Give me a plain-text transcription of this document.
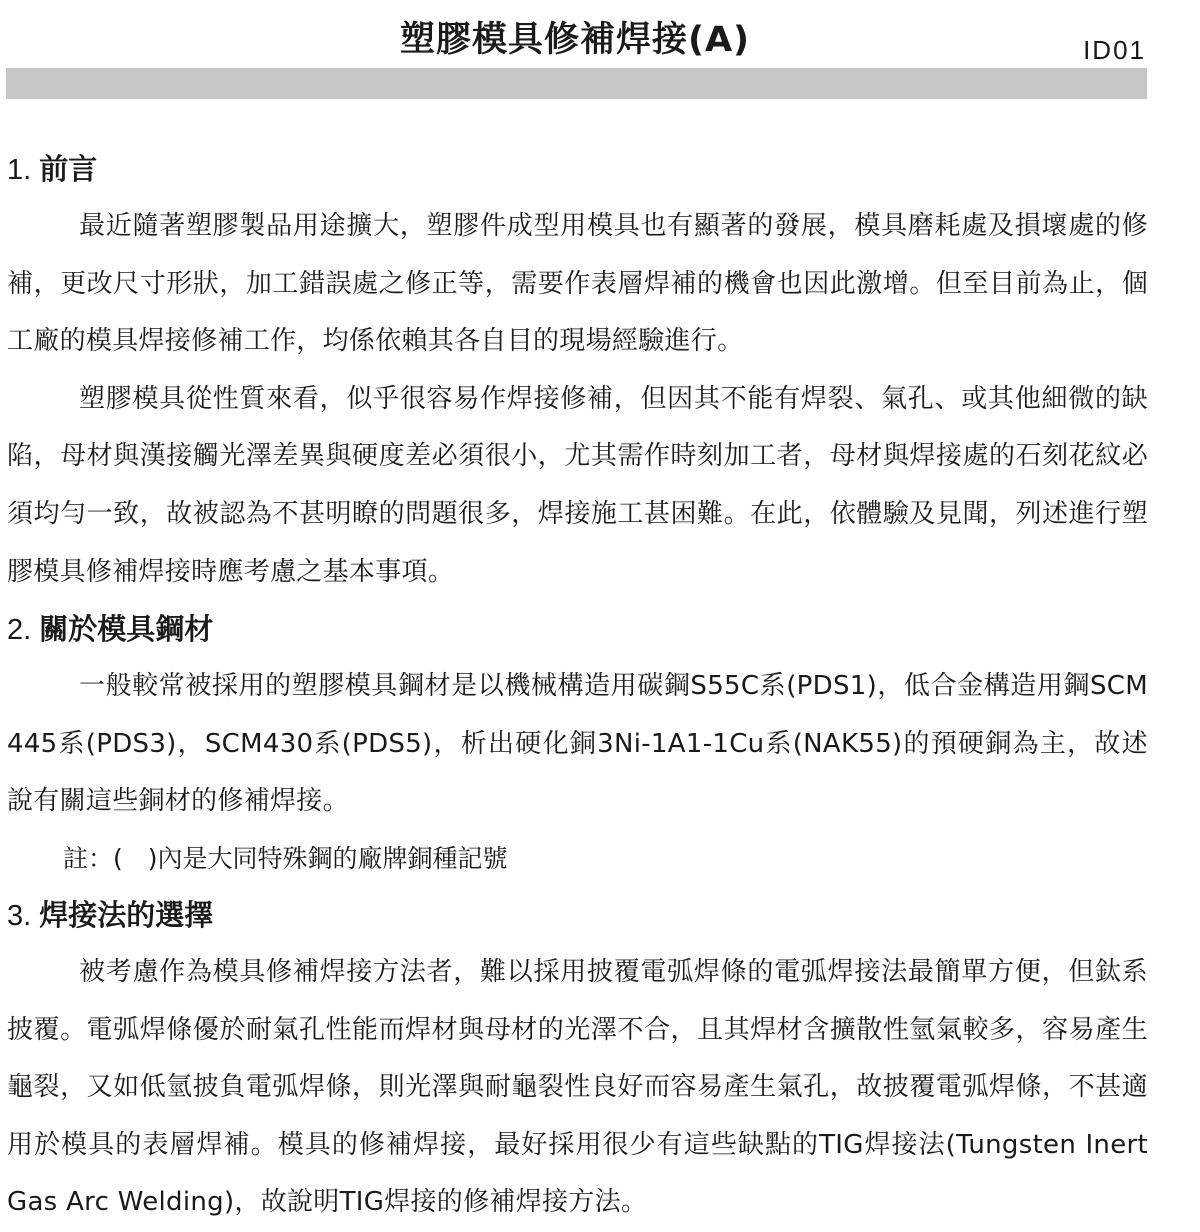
塑膠模具修補焊接(A)	ID01
1. 前言

最近隨著塑膠製品用途擴大，塑膠件成型用模具也有顯著的發展，模具磨耗處及損壞處的修補，更改尺寸形狀，加工錯誤處之修正等，需要作表層焊補的機會也因此激增。但至目前為止，個工廠的模具焊接修補工作，均係依賴其各自目的現場經驗進行。

塑膠模具從性質來看，似乎很容易作焊接修補，但因其不能有焊裂、氣孔、或其他細微的缺陷，母材與漢接觸光澤差異與硬度差必須很小，尤其需作時刻加工者，母材與焊接處的石刻花紋必須均勻一致，故被認為不甚明瞭的問題很多，焊接施工甚困難。在此，依體驗及見聞，列述進行塑膠模具修補焊接時應考慮之基本事項。

2. 關於模具鋼材

一般較常被採用的塑膠模具鋼材是以機械構造用碳鋼S55C系(PDS1)，低合金構造用鋼SCM445系(PDS3)，SCM430系(PDS5)，析出硬化銅3Ni-1A1-1Cu系(NAK55)的預硬銅為主，故述說有關這些銅材的修補焊接。

註：(　)內是大同特殊鋼的廠牌銅種記號

3. 焊接法的選擇

被考慮作為模具修補焊接方法者，難以採用披覆電弧焊條的電弧焊接法最簡單方便，但鈦系披覆。電弧焊條優於耐氣孔性能而焊材與母材的光澤不合，且其焊材含擴散性氫氣較多，容易產生龜裂，又如低氫披負電弧焊條，則光澤與耐龜裂性良好而容易產生氣孔，故披覆電弧焊條，不甚適用於模具的表層焊補。模具的修補焊接，最好採用很少有這些缺點的TIG焊接法(Tungsten Inert Gas Arc Welding)，故說明TIG焊接的修補焊接方法。
